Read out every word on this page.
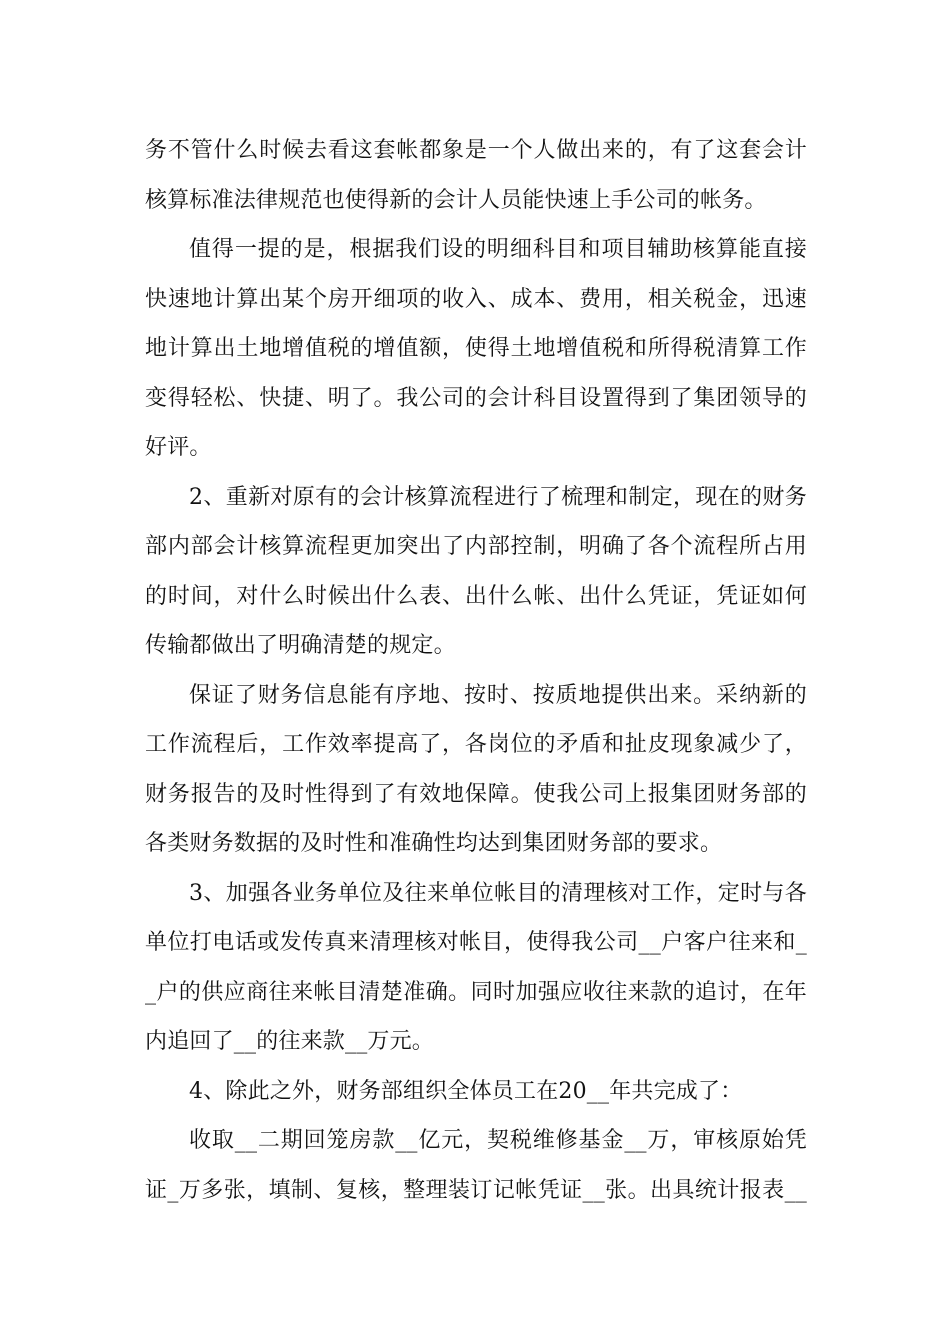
务不管什么时候去看这套帐都象是一个人做出来的，有了这套会计
核算标准法律规范也使得新的会计人员能快速上手公司的帐务。
值得一提的是，根据我们设的明细科目和项目辅助核算能直接
快速地计算出某个房开细项的收入、成本、费用，相关税金，迅速
地计算出土地增值税的增值额，使得土地增值税和所得税清算工作
变得轻松、快捷、明了。我公司的会计科目设置得到了集团领导的
好评。
2、重新对原有的会计核算流程进行了梳理和制定，现在的财务
部内部会计核算流程更加突出了内部控制，明确了各个流程所占用
的时间，对什么时候出什么表、出什么帐、出什么凭证，凭证如何
传输都做出了明确清楚的规定。
保证了财务信息能有序地、按时、按质地提供出来。采纳新的
工作流程后，工作效率提高了，各岗位的矛盾和扯皮现象减少了，
财务报告的及时性得到了有效地保障。使我公司上报集团财务部的
各类财务数据的及时性和准确性均达到集团财务部的要求。
3、加强各业务单位及往来单位帐目的清理核对工作，定时与各
单位打电话或发传真来清理核对帐目，使得我公司__户客户往来和_
_户的供应商往来帐目清楚准确。同时加强应收往来款的追讨，在年
内追回了__的往来款__万元。
4、除此之外，财务部组织全体员工在20__年共完成了：
收取__二期回笼房款__亿元，契税维修基金__万，审核原始凭
证_万多张，填制、复核，整理装订记帐凭证__张。出具统计报表__
